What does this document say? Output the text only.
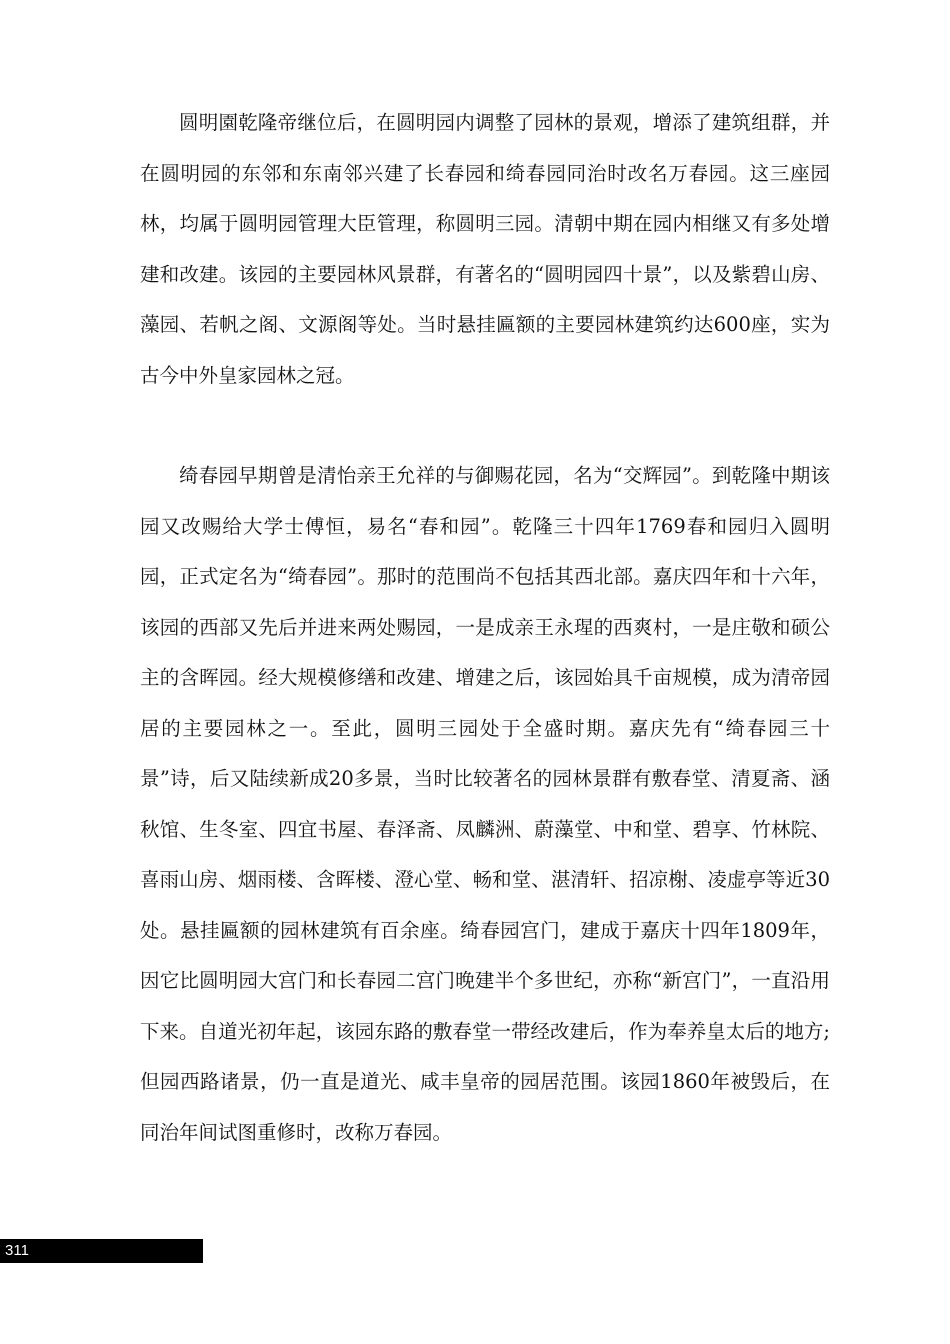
圆明園乾隆帝继位后，在圆明园内调整了园林的景观，增添了建筑组群，并在圆明园的东邻和东南邻兴建了长春园和绮春园同治时改名万春园。这三座园林，均属于圆明园管理大臣管理，称圆明三园。清朝中期在园内相继又有多处增建和改建。该园的主要园林风景群，有著名的“圆明园四十景”，以及紫碧山房、藻园、若帆之阁、文源阁等处。当时悬挂匾额的主要园林建筑约达600座，实为古今中外皇家园林之冠。

绮春园早期曾是清怡亲王允祥的与御赐花园，名为“交辉园”。到乾隆中期该园又改赐给大学士傅恒，易名“春和园”。乾隆三十四年1769春和园归入圆明园，正式定名为“绮春园”。那时的范围尚不包括其西北部。嘉庆四年和十六年，该园的西部又先后并进来两处赐园，一是成亲王永瑆的西爽村，一是庄敬和硕公主的含晖园。经大规模修缮和改建、增建之后，该园始具千亩规模，成为清帝园居的主要园林之一。至此，圆明三园处于全盛时期。嘉庆先有“绮春园三十景”诗，后又陆续新成20多景，当时比较著名的园林景群有敷春堂、清夏斋、涵秋馆、生冬室、四宜书屋、春泽斋、凤麟洲、蔚藻堂、中和堂、碧享、竹林院、喜雨山房、烟雨楼、含晖楼、澄心堂、畅和堂、湛清轩、招凉榭、凌虚亭等近30处。悬挂匾额的园林建筑有百余座。绮春园宫门，建成于嘉庆十四年1809年，因它比圆明园大宫门和长春园二宫门晚建半个多世纪，亦称“新宫门”，一直沿用下来。自道光初年起，该园东路的敷春堂一带经改建后，作为奉养皇太后的地方;但园西路诸景，仍一直是道光、咸丰皇帝的园居范围。该园1860年被毁后，在同治年间试图重修时，改称万春园。

311
